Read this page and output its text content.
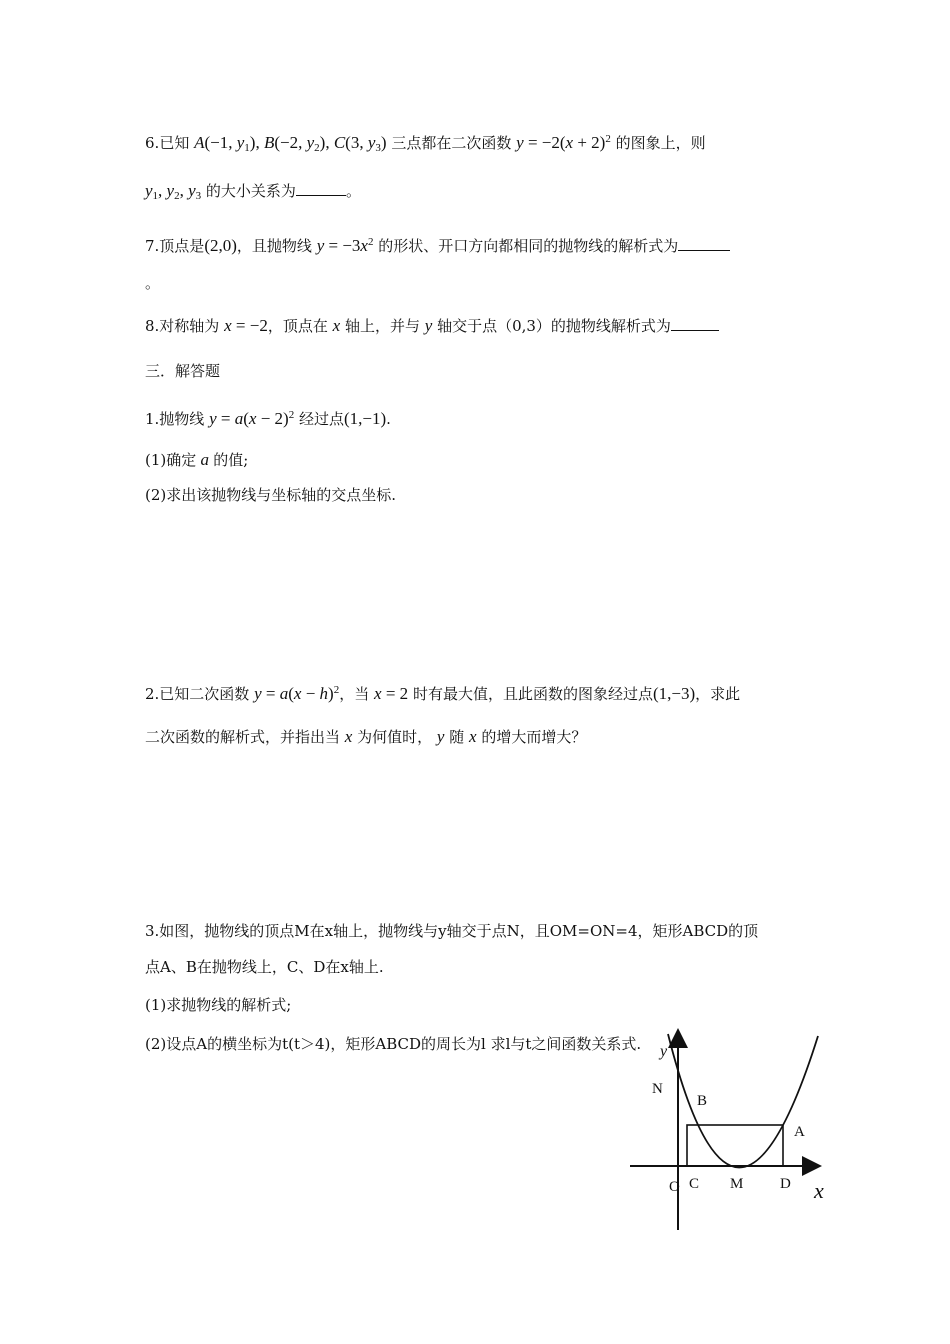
6.已知 A(−1, $y_1$), B(−2, $y_2$), C(3, $y_3$) 三点都在二次函数 $y = -2(x + 2)^2$ 的图象上，则
$y_1$, $y_2$, $y_3$ 的大小关系为	。
7.顶点是(2,0)，且抛物线 $y = -3x^2$ 的形状、开口方向都相同的抛物线的解析式为
。
8.对称轴为 x = −2，顶点在 x 轴上，并与 y 轴交于点（0,3）的抛物线解析式为
三．解答题
1.抛物线 $y = a(x - 2)^2$ 经过点(1,−1).
(1)确定 a 的值;
(2)求出该抛物线与坐标轴的交点坐标.
2.已知二次函数 $y = a(x - h)^2$，当 x = 2 时有最大值，且此函数的图象经过点(1,−3)，求此
二次函数的解析式，并指出当 x 为何值时， y 随 x 的增大而增大？
3.如图，抛物线的顶点M在x轴上，抛物线与y轴交于点N，且OM=ON=4，矩形ABCD的顶
点A、B在抛物线上，C、D在x轴上.
(1)求抛物线的解析式;
(2)设点A的横坐标为t(t＞4)，矩形ABCD的周长为l 求l与t之间函数关系式. y
N
B
A
O C M D x
